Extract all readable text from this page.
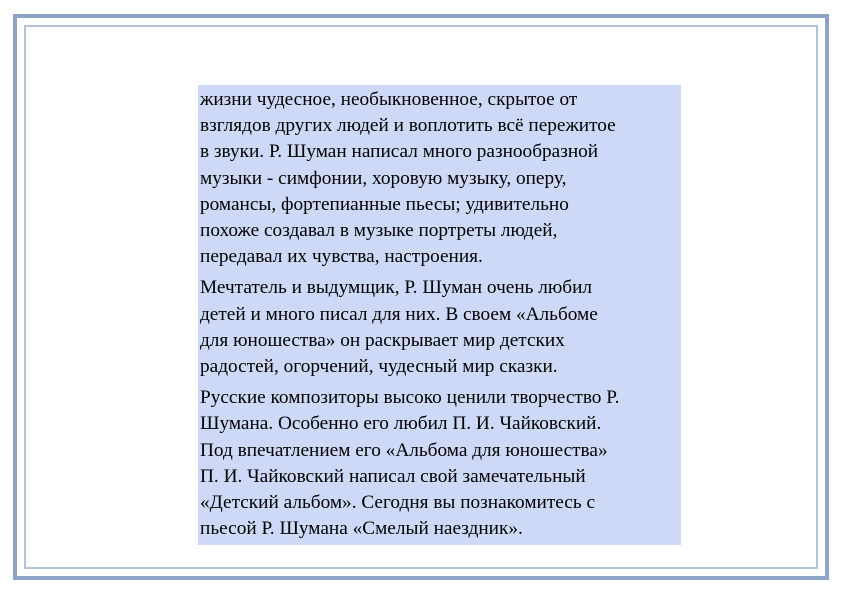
жизни чудесное, необыкновенное, скрытое от
взглядов других людей и воплотить всё пережитое
в звуки. Р. Шуман написал много разнообразной
музыки - симфонии, хоровую музыку, оперу,
романсы, фортепианные пьесы; удивительно
похоже создавал в музыке портреты людей,
передавал их чувства, настроения.

Мечтатель и выдумщик, Р. Шуман очень любил
детей и много писал для них. В своем «Альбоме
для юношества» он раскрывает мир детских
радостей, огорчений, чудесный мир сказки.

Русские композиторы высоко ценили творчество Р.
Шумана. Особенно его любил П. И. Чайковский.
Под впечатлением его «Альбома для юношества»
П. И. Чайковский написал свой замечательный
«Детский альбом». Сегодня вы познакомитесь с
пьесой Р. Шумана «Смелый наездник».
